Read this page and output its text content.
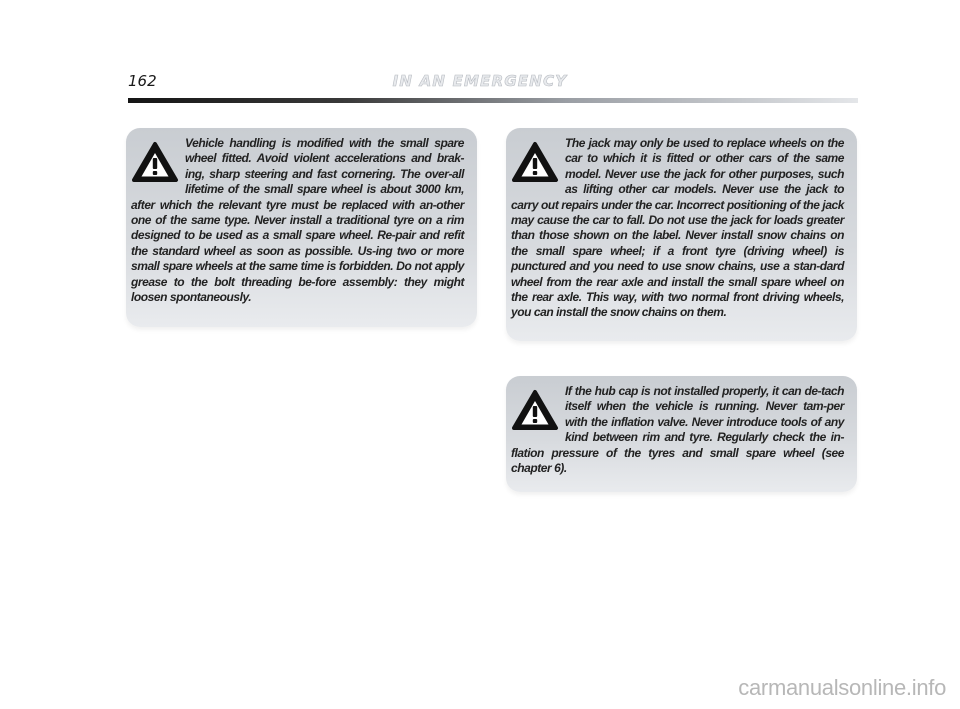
162	IN AN EMERGENCY

Vehicle handling is modified with the small spare wheel fitted. Avoid violent accelerations and brak-ing, sharp steering and fast cornering. The over-all lifetime of the small spare wheel is about 3000 km, after which the relevant tyre must be replaced with an-other one of the same type. Never install a traditional tyre on a rim designed to be used as a small spare wheel. Re-pair and refit the standard wheel as soon as possible. Us-ing two or more small spare wheels at the same time is forbidden. Do not apply grease to the bolt threading be-fore assembly: they might loosen spontaneously.

The jack may only be used to replace wheels on the car to which it is fitted or other cars of the same model. Never use the jack for other purposes, such as lifting other car models. Never use the jack to carry out repairs under the car. Incorrect positioning of the jack may cause the car to fall. Do not use the jack for loads greater than those shown on the label. Never install snow chains on the small spare wheel; if a front tyre (driving wheel) is punctured and you need to use snow chains, use a stan-dard wheel from the rear axle and install the small spare wheel on the rear axle. This way, with two normal front driving wheels, you can install the snow chains on them.

If the hub cap is not installed properly, it can de-tach itself when the vehicle is running. Never tam-per with the inflation valve. Never introduce tools of any kind between rim and tyre. Regularly check the in-flation pressure of the tyres and small spare wheel (see chapter 6).

carmanualsonline.info
